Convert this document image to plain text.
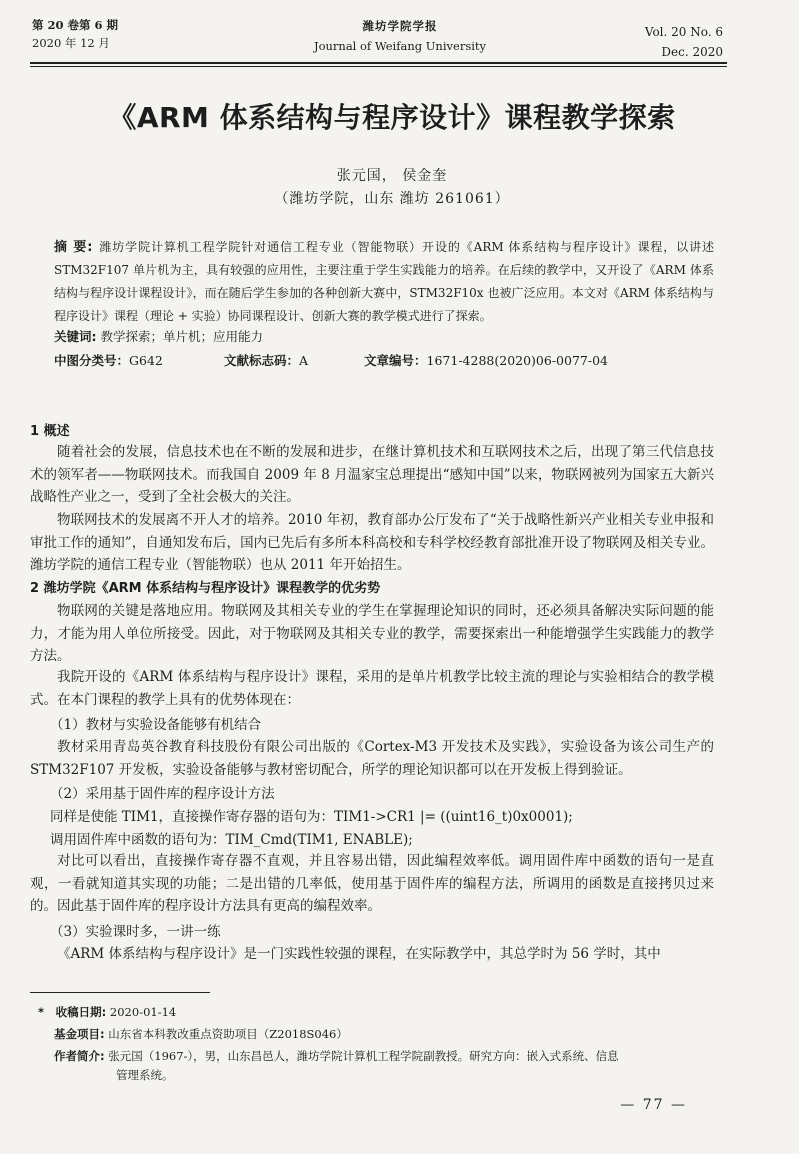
第 20 卷第 6 期
2020 年 12 月
潍坊学院学报
Journal of Weifang University
Vol. 20 No. 6
Dec. 2020
《ARM 体系结构与程序设计》课程教学探索
张元国， 侯金奎
（潍坊学院，山东 潍坊 261061）
摘 要: 潍坊学院计算机工程学院针对通信工程专业（智能物联）开设的《ARM 体系结构与程序设计》课程，以讲述 STM32F107 单片机为主，具有较强的应用性，主要注重于学生实践能力的培养。在后续的教学中，又开设了《ARM 体系结构与程序设计课程设计》，而在随后学生参加的各种创新大赛中，STM32F10x 也被广泛应用。本文对《ARM 体系结构与程序设计》课程（理论 + 实验）协同课程设计、创新大赛的教学模式进行了探索。
关键词: 教学探索；单片机；应用能力
中图分类号：G642	文献标志码：A	文章编号：1671-4288(2020)06-0077-04
1 概述
随着社会的发展，信息技术也在不断的发展和进步，在继计算机技术和互联网技术之后，出现了第三代信息技术的领军者——物联网技术。而我国自 2009 年 8 月温家宝总理提出“感知中国”以来，物联网被列为国家五大新兴战略性产业之一，受到了全社会极大的关注。
物联网技术的发展离不开人才的培养。2010 年初，教育部办公厅发布了“关于战略性新兴产业相关专业申报和审批工作的通知”，自通知发布后，国内已先后有多所本科高校和专科学校经教育部批准开设了物联网及相关专业。潍坊学院的通信工程专业（智能物联）也从 2011 年开始招生。
2 潍坊学院《ARM 体系结构与程序设计》课程教学的优劣势
物联网的关键是落地应用。物联网及其相关专业的学生在掌握理论知识的同时，还必须具备解决实际问题的能力，才能为用人单位所接受。因此，对于物联网及其相关专业的教学，需要探索出一种能增强学生实践能力的教学方法。
我院开设的《ARM 体系结构与程序设计》课程，采用的是单片机教学比较主流的理论与实验相结合的教学模式。在本门课程的教学上具有的优势体现在：
（1）教材与实验设备能够有机结合
教材采用青岛英谷教育科技股份有限公司出版的《Cortex-M3 开发技术及实践》，实验设备为该公司生产的 STM32F107 开发板，实验设备能够与教材密切配合，所学的理论知识都可以在开发板上得到验证。
（2）采用基于固件库的程序设计方法
同样是使能 TIM1，直接操作寄存器的语句为：TIM1->CR1 |= ((uint16_t)0x0001);
调用固件库中函数的语句为：TIM_Cmd(TIM1, ENABLE);
对比可以看出，直接操作寄存器不直观，并且容易出错，因此编程效率低。调用固件库中函数的语句一是直观，一看就知道其实现的功能；二是出错的几率低，使用基于固件库的编程方法，所调用的函数是直接拷贝过来的。因此基于固件库的程序设计方法具有更高的编程效率。
（3）实验课时多，一讲一练
《ARM 体系结构与程序设计》是一门实践性较强的课程，在实际教学中，其总学时为 56 学时，其中
* 收稿日期: 2020-01-14
基金项目: 山东省本科教改重点资助项目（Z2018S046）
作者简介: 张元国（1967-），男，山东昌邑人，潍坊学院计算机工程学院副教授。研究方向：嵌入式系统、信息
管理系统。
— 77 —
